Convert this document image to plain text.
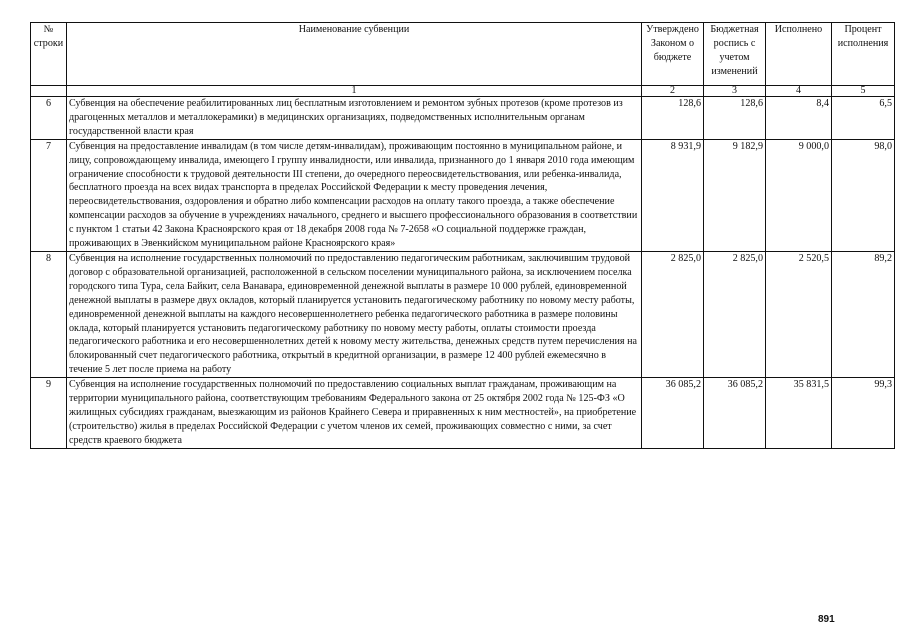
№ строки	Наименование субвенции	Утверждено Законом о бюджете	Бюджетная роспись с учетом изменений	Исполнено	Процент исполнения
	1	2	3	4	5
6	Субвенция на обеспечение реабилитированных лиц бесплатным изготовлением и ремонтом зубных протезов (кроме протезов из драгоценных металлов и металлокерамики) в медицинских организациях, подведомственных исполнительным органам государственной власти края	128,6	128,6	8,4	6,5
7	Субвенция на предоставление инвалидам (в том числе детям-инвалидам), проживающим постоянно в муниципальном районе, и лицу, сопровождающему инвалида, имеющего I группу инвалидности, или инвалида, признанного до 1 января 2010 года имеющим ограничение способности к трудовой деятельности III степени, до очередного переосвидетельствования, или ребенка-инвалида, бесплатного проезда на всех видах транспорта в пределах Российской Федерации к месту проведения лечения, переосвидетельствования, оздоровления и обратно либо компенсации расходов на оплату такого проезда, а также обеспечение компенсации расходов за обучение в учреждениях начального, среднего и высшего профессионального образования в соответствии с пунктом 1 статьи 42 Закона Красноярского края от 18 декабря 2008 года № 7-2658 «О социальной поддержке граждан, проживающих в Эвенкийском муниципальном районе Красноярского края»	8 931,9	9 182,9	9 000,0	98,0
8	Субвенция на исполнение государственных полномочий по предоставлению педагогическим работникам, заключившим трудовой договор с образовательной организацией, расположенной в сельском поселении муниципального района, за исключением поселка городского типа Тура, села Байкит, села Ванавара, единовременной денежной выплаты в размере 10 000 рублей, единовременной денежной выплаты в размере двух окладов, который планируется установить педагогическому работнику по новому месту работы, единовременной денежной выплаты на каждого несовершеннолетнего ребенка педагогического работника в размере половины оклада, который планируется установить педагогическому работнику по новому месту работы, оплаты стоимости проезда педагогического работника и его несовершеннолетних детей к новому месту жительства, денежных средств путем перечисления на блокированный счет педагогического работника, открытый в кредитной организации, в размере 12 400 рублей ежемесячно в течение 5 лет после приема на работу	2 825,0	2 825,0	2 520,5	89,2
9	Субвенция на исполнение государственных полномочий по предоставлению социальных выплат гражданам, проживающим на территории муниципального района, соответствующим требованиям Федерального закона от 25 октября 2002 года № 125-ФЗ «О жилищных субсидиях гражданам, выезжающим из районов Крайнего Севера и приравненных к ним местностей», на приобретение (строительство) жилья в пределах Российской Федерации с учетом членов их семей, проживающих совместно с ними, за счет средств краевого бюджета	36 085,2	36 085,2	35 831,5	99,3
891
